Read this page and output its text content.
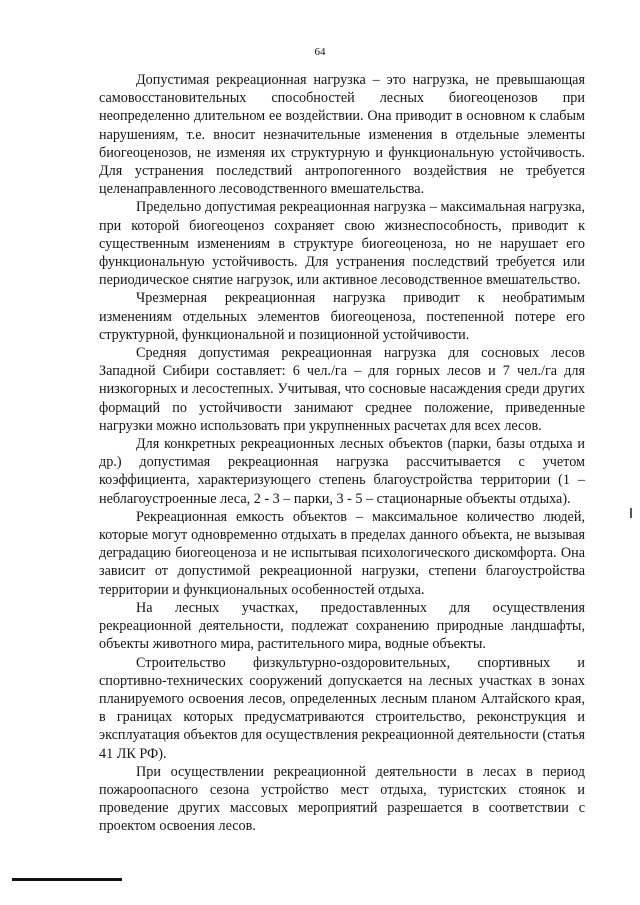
64

Допустимая рекреационная нагрузка – это нагрузка, не превышающая самовосстановительных способностей лесных биогеоценозов при неопределенно длительном ее воздействии. Она приводит в основном к слабым нарушениям, т.е. вносит незначительные изменения в отдельные элементы биогеоценозов, не изменяя их структурную и функциональную устойчивость. Для устранения последствий антропогенного воздействия не требуется целенаправленного лесоводственного вмешательства.

Предельно допустимая рекреационная нагрузка – максимальная нагрузка, при которой биогеоценоз сохраняет свою жизнеспособность, приводит к существенным изменениям в структуре биогеоценоза, но не нарушает его функциональную устойчивость. Для устранения последствий требуется или периодическое снятие нагрузок, или активное лесоводственное вмешательство.

Чрезмерная рекреационная нагрузка приводит к необратимым изменениям отдельных элементов биогеоценоза, постепенной потере его структурной, функциональной и позиционной устойчивости.

Средняя допустимая рекреационная нагрузка для сосновых лесов Западной Сибири составляет: 6 чел./га – для горных лесов и 7 чел./га для низкогорных и лесостепных. Учитывая, что сосновые насаждения среди других формаций по устойчивости занимают среднее положение, приведенные нагрузки можно использовать при укрупненных расчетах для всех лесов.

Для конкретных рекреационных лесных объектов (парки, базы отдыха и др.) допустимая рекреационная нагрузка рассчитывается с учетом коэффициента, характеризующего степень благоустройства территории (1 – неблагоустроенные леса, 2 - 3 – парки, 3 - 5 – стационарные объекты отдыха).

Рекреационная емкость объектов – максимальное количество людей, которые могут одновременно отдыхать в пределах данного объекта, не вызывая деградацию биогеоценоза и не испытывая психологического дискомфорта. Она зависит от допустимой рекреационной нагрузки, степени благоустройства территории и функциональных особенностей отдыха.

На лесных участках, предоставленных для осуществления рекреационной деятельности, подлежат сохранению природные ландшафты, объекты животного мира, растительного мира, водные объекты.

Строительство физкультурно-оздоровительных, спортивных и спортивно-технических сооружений допускается на лесных участках в зонах планируемого освоения лесов, определенных лесным планом Алтайского края, в границах которых предусматриваются строительство, реконструкция и эксплуатация объектов для осуществления рекреационной деятельности (статья 41 ЛК РФ).

При осуществлении рекреационной деятельности в лесах в период пожароопасного сезона устройство мест отдыха, туристских стоянок и проведение других массовых мероприятий разрешается в соответствии с проектом освоения лесов.
